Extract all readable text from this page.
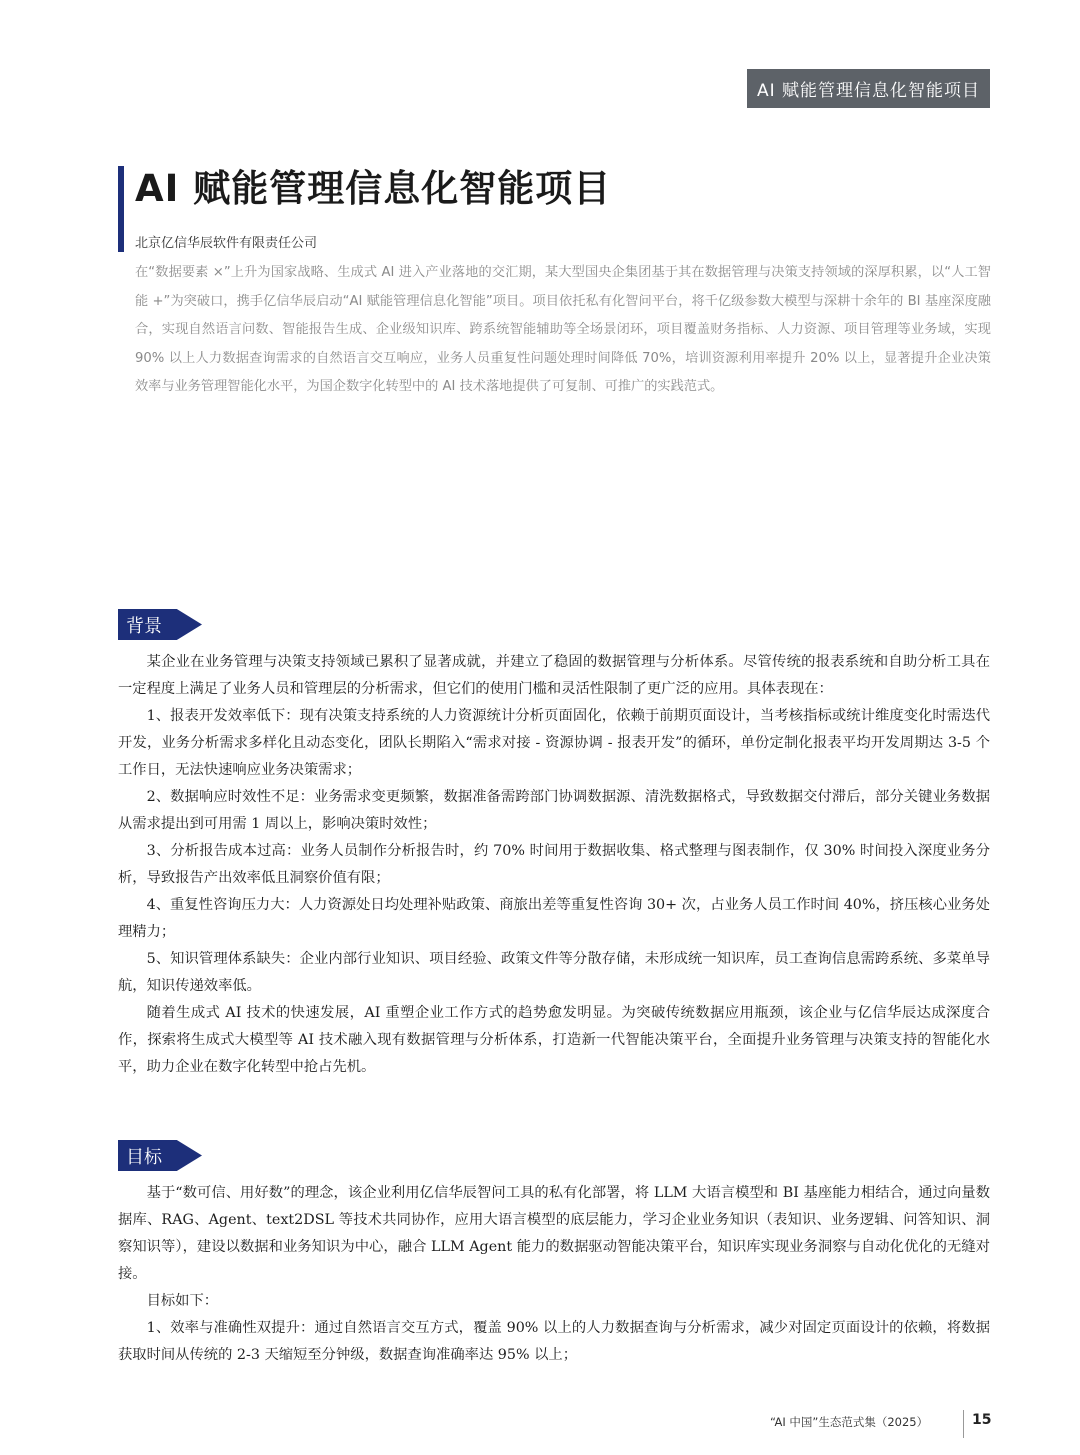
AI 赋能管理信息化智能项目
AI 赋能管理信息化智能项目
北京亿信华辰软件有限责任公司
在“数据要素 ×”上升为国家战略、生成式 AI 进入产业落地的交汇期，某大型国央企集团基于其在数据管理与决策支持领域的深厚积累，以“人工智能 +”为突破口，携手亿信华辰启动“AI 赋能管理信息化智能”项目。项目依托私有化智问平台，将千亿级参数大模型与深耕十余年的 BI 基座深度融合，实现自然语言问数、智能报告生成、企业级知识库、跨系统智能辅助等全场景闭环，项目覆盖财务指标、人力资源、项目管理等业务域，实现 90% 以上人力数据查询需求的自然语言交互响应，业务人员重复性问题处理时间降低 70%，培训资源利用率提升 20% 以上，显著提升企业决策效率与业务管理智能化水平，为国企数字化转型中的 AI 技术落地提供了可复制、可推广的实践范式。
背景

某企业在业务管理与决策支持领域已累积了显著成就，并建立了稳固的数据管理与分析体系。尽管传统的报表系统和自助分析工具在一定程度上满足了业务人员和管理层的分析需求，但它们的使用门槛和灵活性限制了更广泛的应用。具体表现在：

1、报表开发效率低下：现有决策支持系统的人力资源统计分析页面固化，依赖于前期页面设计，当考核指标或统计维度变化时需迭代开发，业务分析需求多样化且动态变化，团队长期陷入“需求对接 - 资源协调 - 报表开发”的循环，单份定制化报表平均开发周期达 3-5 个工作日，无法快速响应业务决策需求；

2、数据响应时效性不足：业务需求变更频繁，数据准备需跨部门协调数据源、清洗数据格式，导致数据交付滞后，部分关键业务数据从需求提出到可用需 1 周以上，影响决策时效性；

3、分析报告成本过高：业务人员制作分析报告时，约 70% 时间用于数据收集、格式整理与图表制作，仅 30% 时间投入深度业务分析，导致报告产出效率低且洞察价值有限；

4、重复性咨询压力大：人力资源处日均处理补贴政策、商旅出差等重复性咨询 30+ 次，占业务人员工作时间 40%，挤压核心业务处理精力；

5、知识管理体系缺失：企业内部行业知识、项目经验、政策文件等分散存储，未形成统一知识库，员工查询信息需跨系统、多菜单导航，知识传递效率低。

随着生成式 AI 技术的快速发展，AI 重塑企业工作方式的趋势愈发明显。为突破传统数据应用瓶颈，该企业与亿信华辰达成深度合作，探索将生成式大模型等 AI 技术融入现有数据管理与分析体系，打造新一代智能决策平台，全面提升业务管理与决策支持的智能化水平，助力企业在数字化转型中抢占先机。

目标

基于“数可信、用好数”的理念，该企业利用亿信华辰智问工具的私有化部署，将 LLM 大语言模型和 BI 基座能力相结合，通过向量数据库、RAG、Agent、text2DSL 等技术共同协作，应用大语言模型的底层能力，学习企业业务知识（表知识、业务逻辑、问答知识、洞察知识等），建设以数据和业务知识为中心，融合 LLM Agent 能力的数据驱动智能决策平台，知识库实现业务洞察与自动化优化的无缝对接。

目标如下：

1、效率与准确性双提升：通过自然语言交互方式，覆盖 90% 以上的人力数据查询与分析需求，减少对固定页面设计的依赖，将数据获取时间从传统的 2-3 天缩短至分钟级，数据查询准确率达 95% 以上；

“AI 中国”生态范式集（2025）	15
